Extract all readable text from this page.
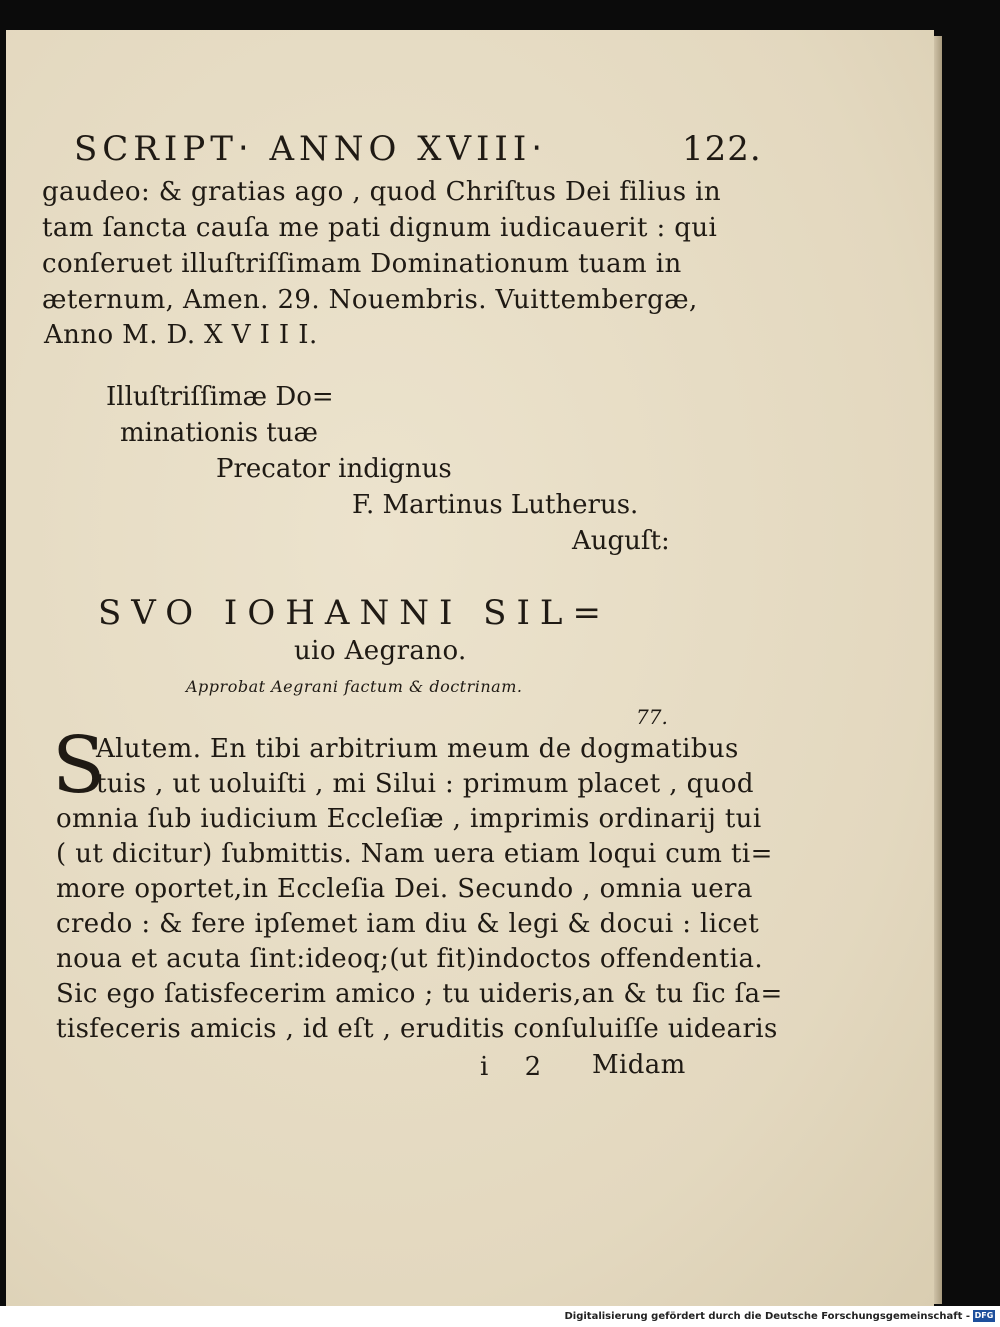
SCRIPT‧ ANNO XVIII‧	122.
gaudeo: & gratias ago , quod Chriſtus Dei filius in
tam ſancta cauſa me pati dignum iudicauerit : qui
conſeruet illuſtriſſimam Dominationum tuam in
æternum, Amen. 29. Nouembris. Vuittembergæ,
Anno M. D. X V I I I.
Illuſtriſſimæ Do=
minationis tuæ
Precator indignus
F. Martinus Lutherus.
Auguſt:
SVO IOHANNI SIL=
uio Aegrano.
Approbat Aegrani factum & doctrinam.
77.
S
Alutem. En tibi arbitrium meum de dogmatibus
tuis , ut uoluiſti , mi Silui : primum placet , quod
omnia ſub iudicium Eccleſiæ , imprimis ordinarij tui
( ut dicitur) ſubmittis. Nam uera etiam loqui cum ti=
more oportet,in Eccleſia Dei. Secundo , omnia uera
credo : & fere ipſemet iam diu & legi & docui : licet
noua et acuta ſint:ideoq;(ut fit)indoctos offendentia.
Sic ego ſatisfecerim amico ; tu uideris,an & tu ſic ſa=
tisfeceris amicis , id eſt , eruditis conſuluiſſe uidearis
i 2 Midam
Digitalisierung gefördert durch die Deutsche Forschungsgemeinschaft - DFG
